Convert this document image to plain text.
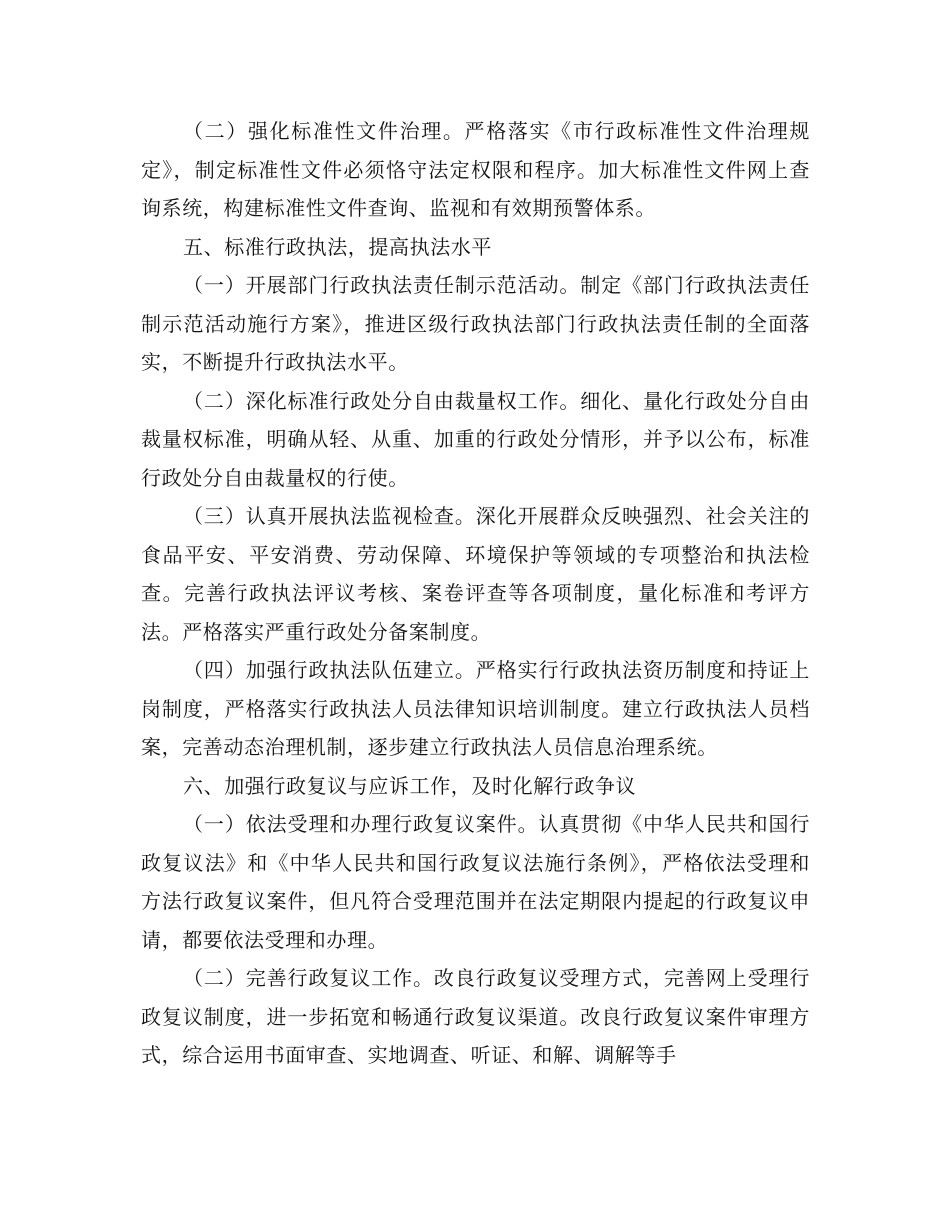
（二）强化标准性文件治理。严格落实《市行政标准性文件治理规定》，制定标准性文件必须恪守法定权限和程序。加大标准性文件网上查询系统，构建标准性文件查询、监视和有效期预警体系。

五、标准行政执法，提高执法水平

（一）开展部门行政执法责任制示范活动。制定《部门行政执法责任制示范活动施行方案》，推进区级行政执法部门行政执法责任制的全面落实，不断提升行政执法水平。

（二）深化标准行政处分自由裁量权工作。细化、量化行政处分自由裁量权标准，明确从轻、从重、加重的行政处分情形，并予以公布，标准行政处分自由裁量权的行使。

（三）认真开展执法监视检查。深化开展群众反映强烈、社会关注的食品平安、平安消费、劳动保障、环境保护等领域的专项整治和执法检查。完善行政执法评议考核、案卷评查等各项制度，量化标准和考评方法。严格落实严重行政处分备案制度。

（四）加强行政执法队伍建立。严格实行行政执法资历制度和持证上岗制度，严格落实行政执法人员法律知识培训制度。建立行政执法人员档案，完善动态治理机制，逐步建立行政执法人员信息治理系统。

六、加强行政复议与应诉工作，及时化解行政争议

（一）依法受理和办理行政复议案件。认真贯彻《中华人民共和国行政复议法》和《中华人民共和国行政复议法施行条例》，严格依法受理和方法行政复议案件，但凡符合受理范围并在法定期限内提起的行政复议申请，都要依法受理和办理。

（二）完善行政复议工作。改良行政复议受理方式，完善网上受理行政复议制度，进一步拓宽和畅通行政复议渠道。改良行政复议案件审理方式，综合运用书面审查、实地调查、听证、和解、调解等手
